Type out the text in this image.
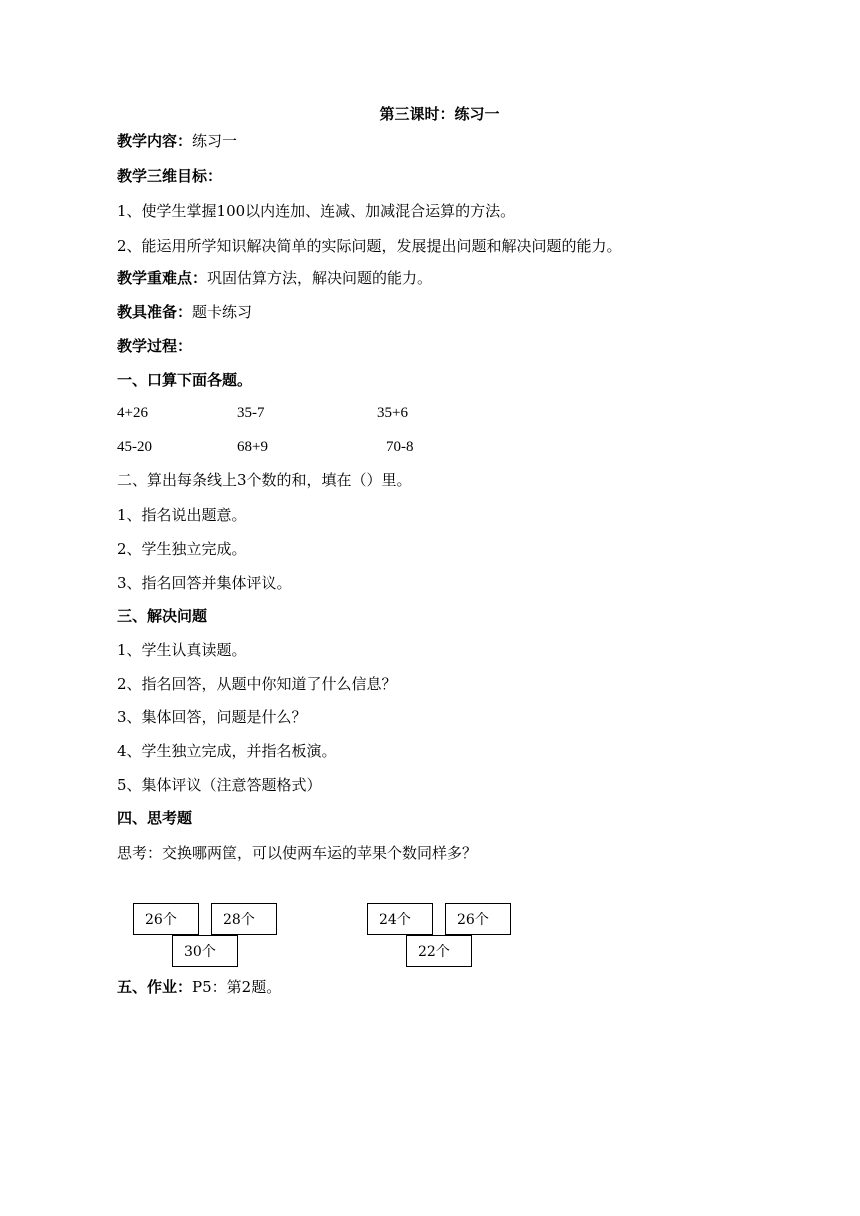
第三课时：练习一
教学内容：练习一
教学三维目标：
1、使学生掌握100以内连加、连减、加减混合运算的方法。
2、能运用所学知识解决简单的实际问题，发展提出问题和解决问题的能力。
教学重难点：巩固估算方法，解决问题的能力。
教具准备：题卡练习
教学过程：
一、口算下面各题。
4+26	35-7	35+6
45-20	68+9	70-8
二、算出每条线上3个数的和，填在（）里。
1、指名说出题意。
2、学生独立完成。
3、指名回答并集体评议。
三、解决问题
1、学生认真读题。
2、指名回答，从题中你知道了什么信息？
3、集体回答，问题是什么？
4、学生独立完成，并指名板演。
5、集体评议（注意答题格式）
四、思考题
思考：交换哪两筐，可以使两车运的苹果个数同样多？
26个	28个
30个
24个	26个
22个
五、作业：P5：第2题。
